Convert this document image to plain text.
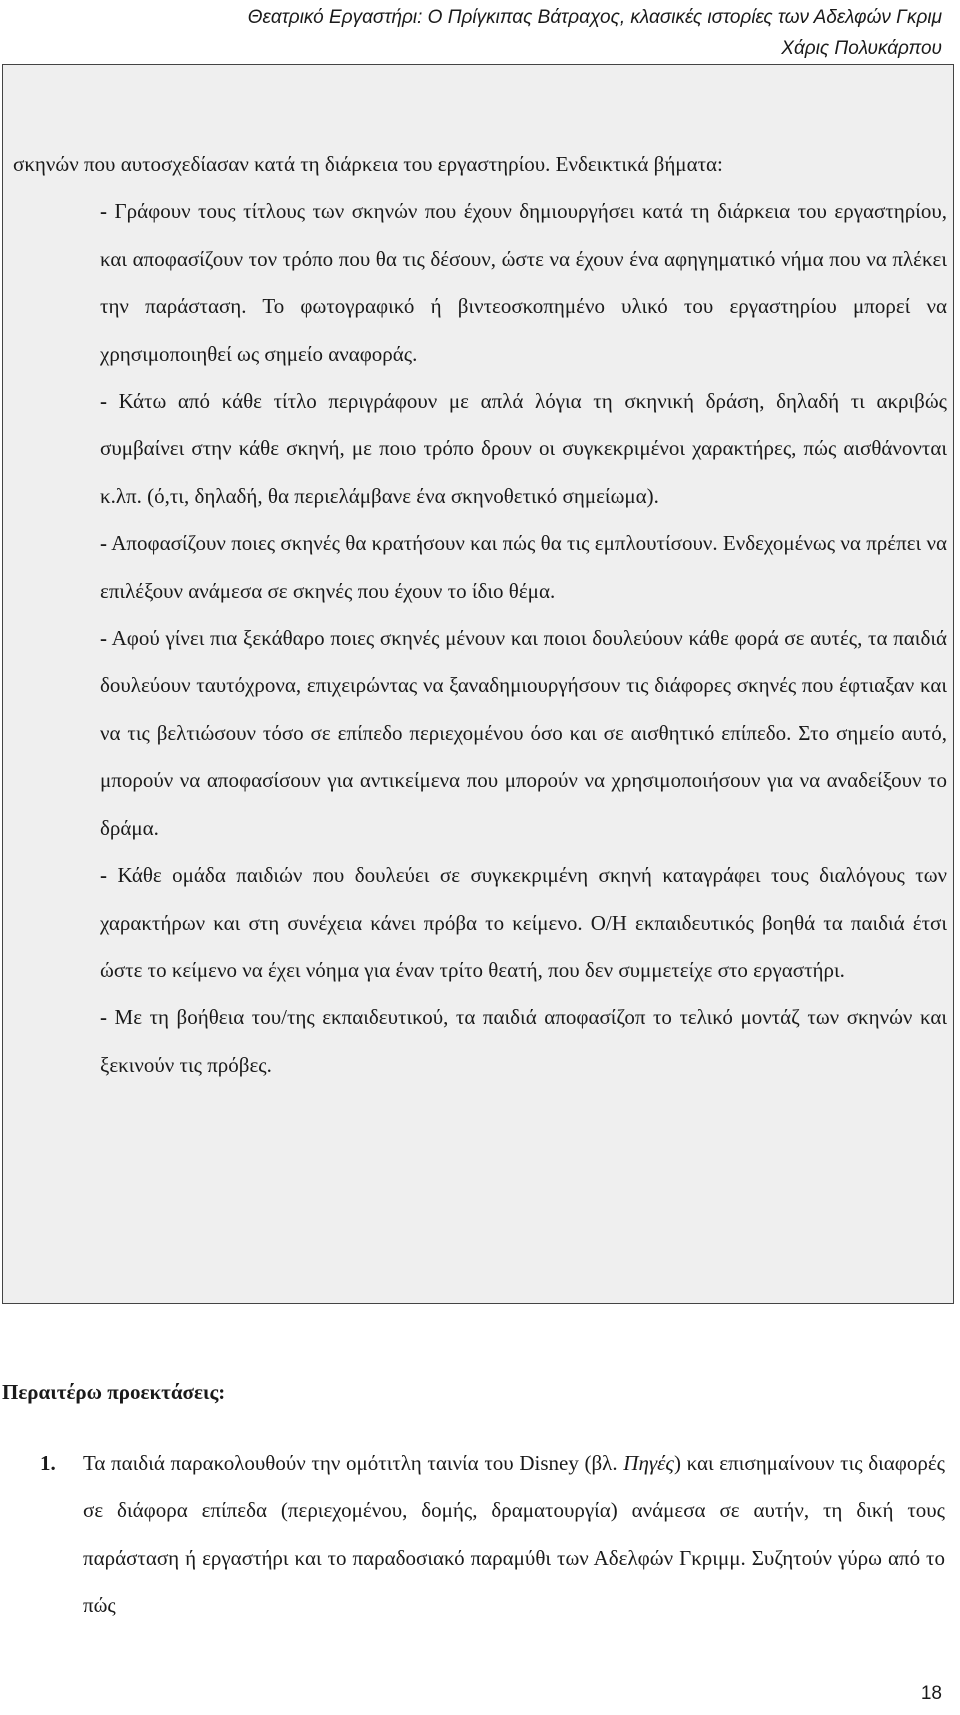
Θεατρικό Εργαστήρι: Ο Πρίγκιπας Βάτραχος, κλασικές ιστορίες των Αδελφών Γκριμ
Χάρις Πολυκάρπου
σκηνών που αυτοσχεδίασαν κατά τη διάρκεια του εργαστηρίου. Ενδεικτικά βήματα:
- Γράφουν τους τίτλους των σκηνών που έχουν δημιουργήσει κατά τη διάρκεια του εργαστηρίου, και αποφασίζουν τον τρόπο που θα τις δέσουν, ώστε να έχουν ένα αφηγηματικό νήμα που να πλέκει την παράσταση. Το φωτογραφικό ή βιντεοσκοπημένο υλικό του εργαστηρίου μπορεί να χρησιμοποιηθεί ως σημείο αναφοράς.
- Κάτω από κάθε τίτλο περιγράφουν με απλά λόγια τη σκηνική δράση, δηλαδή τι ακριβώς συμβαίνει στην κάθε σκηνή, με ποιο τρόπο δρουν οι συγκεκριμένοι χαρακτήρες, πώς αισθάνονται κ.λπ. (ό,τι, δηλαδή, θα περιελάμβανε ένα σκηνοθετικό σημείωμα).
- Αποφασίζουν ποιες σκηνές θα κρατήσουν και πώς θα τις εμπλουτίσουν. Ενδεχομένως να πρέπει να επιλέξουν ανάμεσα σε σκηνές που έχουν το ίδιο θέμα.
- Αφού γίνει πια ξεκάθαρο ποιες σκηνές μένουν και ποιοι δουλεύουν κάθε φορά σε αυτές, τα παιδιά δουλεύουν ταυτόχρονα, επιχειρώντας να ξαναδημιουργήσουν τις διάφορες σκηνές που έφτιαξαν και να τις βελτιώσουν τόσο σε επίπεδο περιεχομένου όσο και σε αισθητικό επίπεδο. Στο σημείο αυτό, μπορούν να αποφασίσουν για αντικείμενα που μπορούν να χρησιμοποιήσουν για να αναδείξουν το δράμα.
- Κάθε ομάδα παιδιών που δουλεύει σε συγκεκριμένη σκηνή καταγράφει τους διαλόγους των χαρακτήρων και στη συνέχεια κάνει πρόβα το κείμενο. Ο/Η εκπαιδευτικός βοηθά τα παιδιά έτσι ώστε το κείμενο να έχει νόημα για έναν τρίτο θεατή, που δεν συμμετείχε στο εργαστήρι.
- Με τη βοήθεια του/της εκπαιδευτικού, τα παιδιά αποφασίζοπ το τελικό μοντάζ των σκηνών και ξεκινούν τις πρόβες.
Περαιτέρω προεκτάσεις:
1. Τα παιδιά παρακολουθούν την ομότιτλη ταινία του Disney (βλ. Πηγές) και επισημαίνουν τις διαφορές σε διάφορα επίπεδα (περιεχομένου, δομής, δραματουργία) ανάμεσα σε αυτήν, τη δική τους παράσταση ή εργαστήρι και το παραδοσιακό παραμύθι των Αδελφών Γκριμμ. Συζητούν γύρω από το πώς
18
